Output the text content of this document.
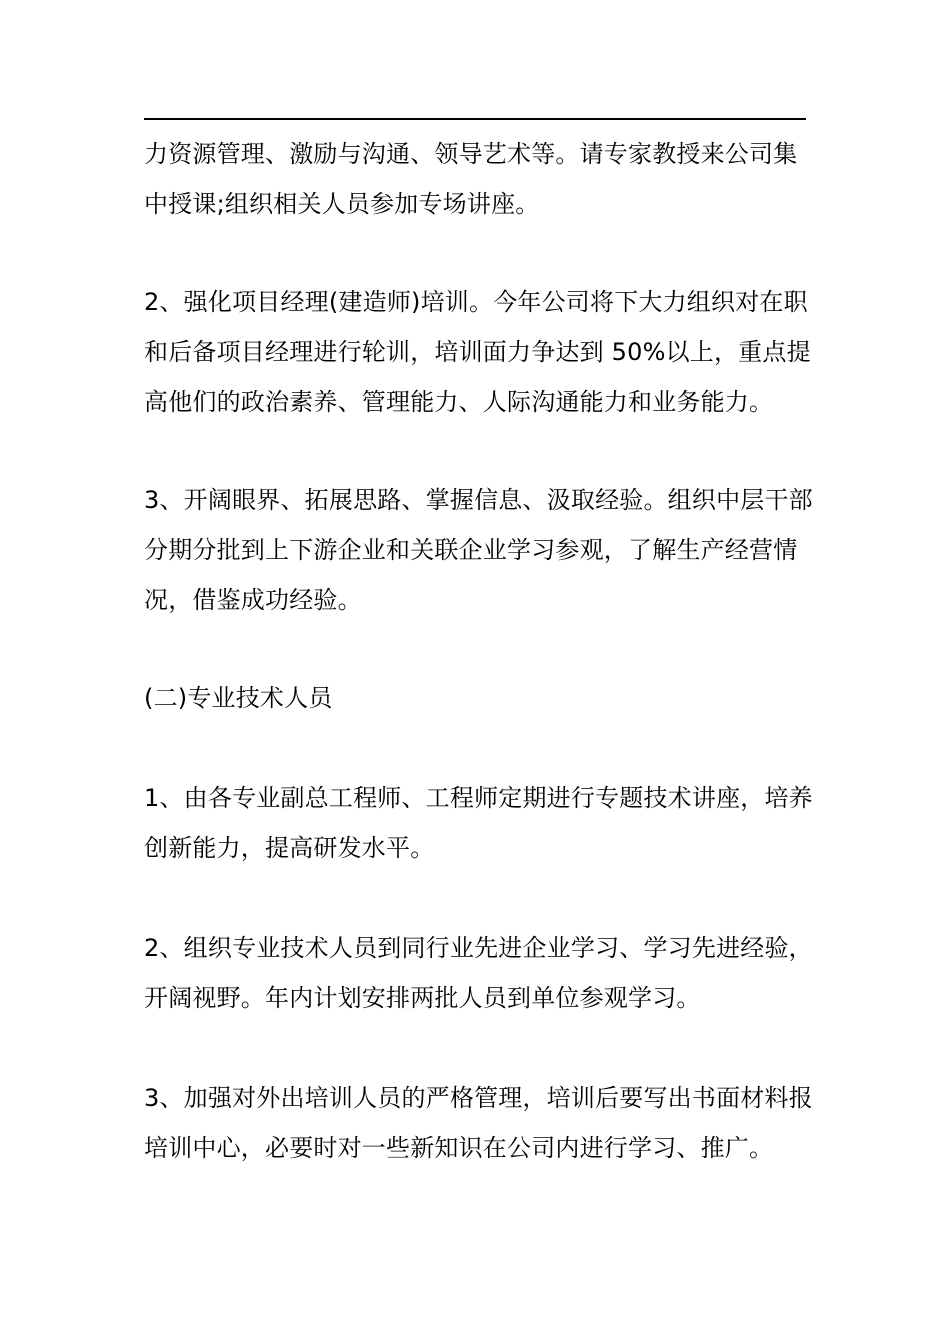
力资源管理、激励与沟通、领导艺术等。请专家教授来公司集
中授课;组织相关人员参加专场讲座。
2、强化项目经理(建造师)培训。今年公司将下大力组织对在职
和后备项目经理进行轮训，培训面力争达到 50%以上，重点提
高他们的政治素养、管理能力、人际沟通能力和业务能力。
3、开阔眼界、拓展思路、掌握信息、汲取经验。组织中层干部
分期分批到上下游企业和关联企业学习参观，了解生产经营情
况，借鉴成功经验。
(二)专业技术人员
1、由各专业副总工程师、工程师定期进行专题技术讲座，培养
创新能力，提高研发水平。
2、组织专业技术人员到同行业先进企业学习、学习先进经验，
开阔视野。年内计划安排两批人员到单位参观学习。
3、加强对外出培训人员的严格管理，培训后要写出书面材料报
培训中心，必要时对一些新知识在公司内进行学习、推广。
